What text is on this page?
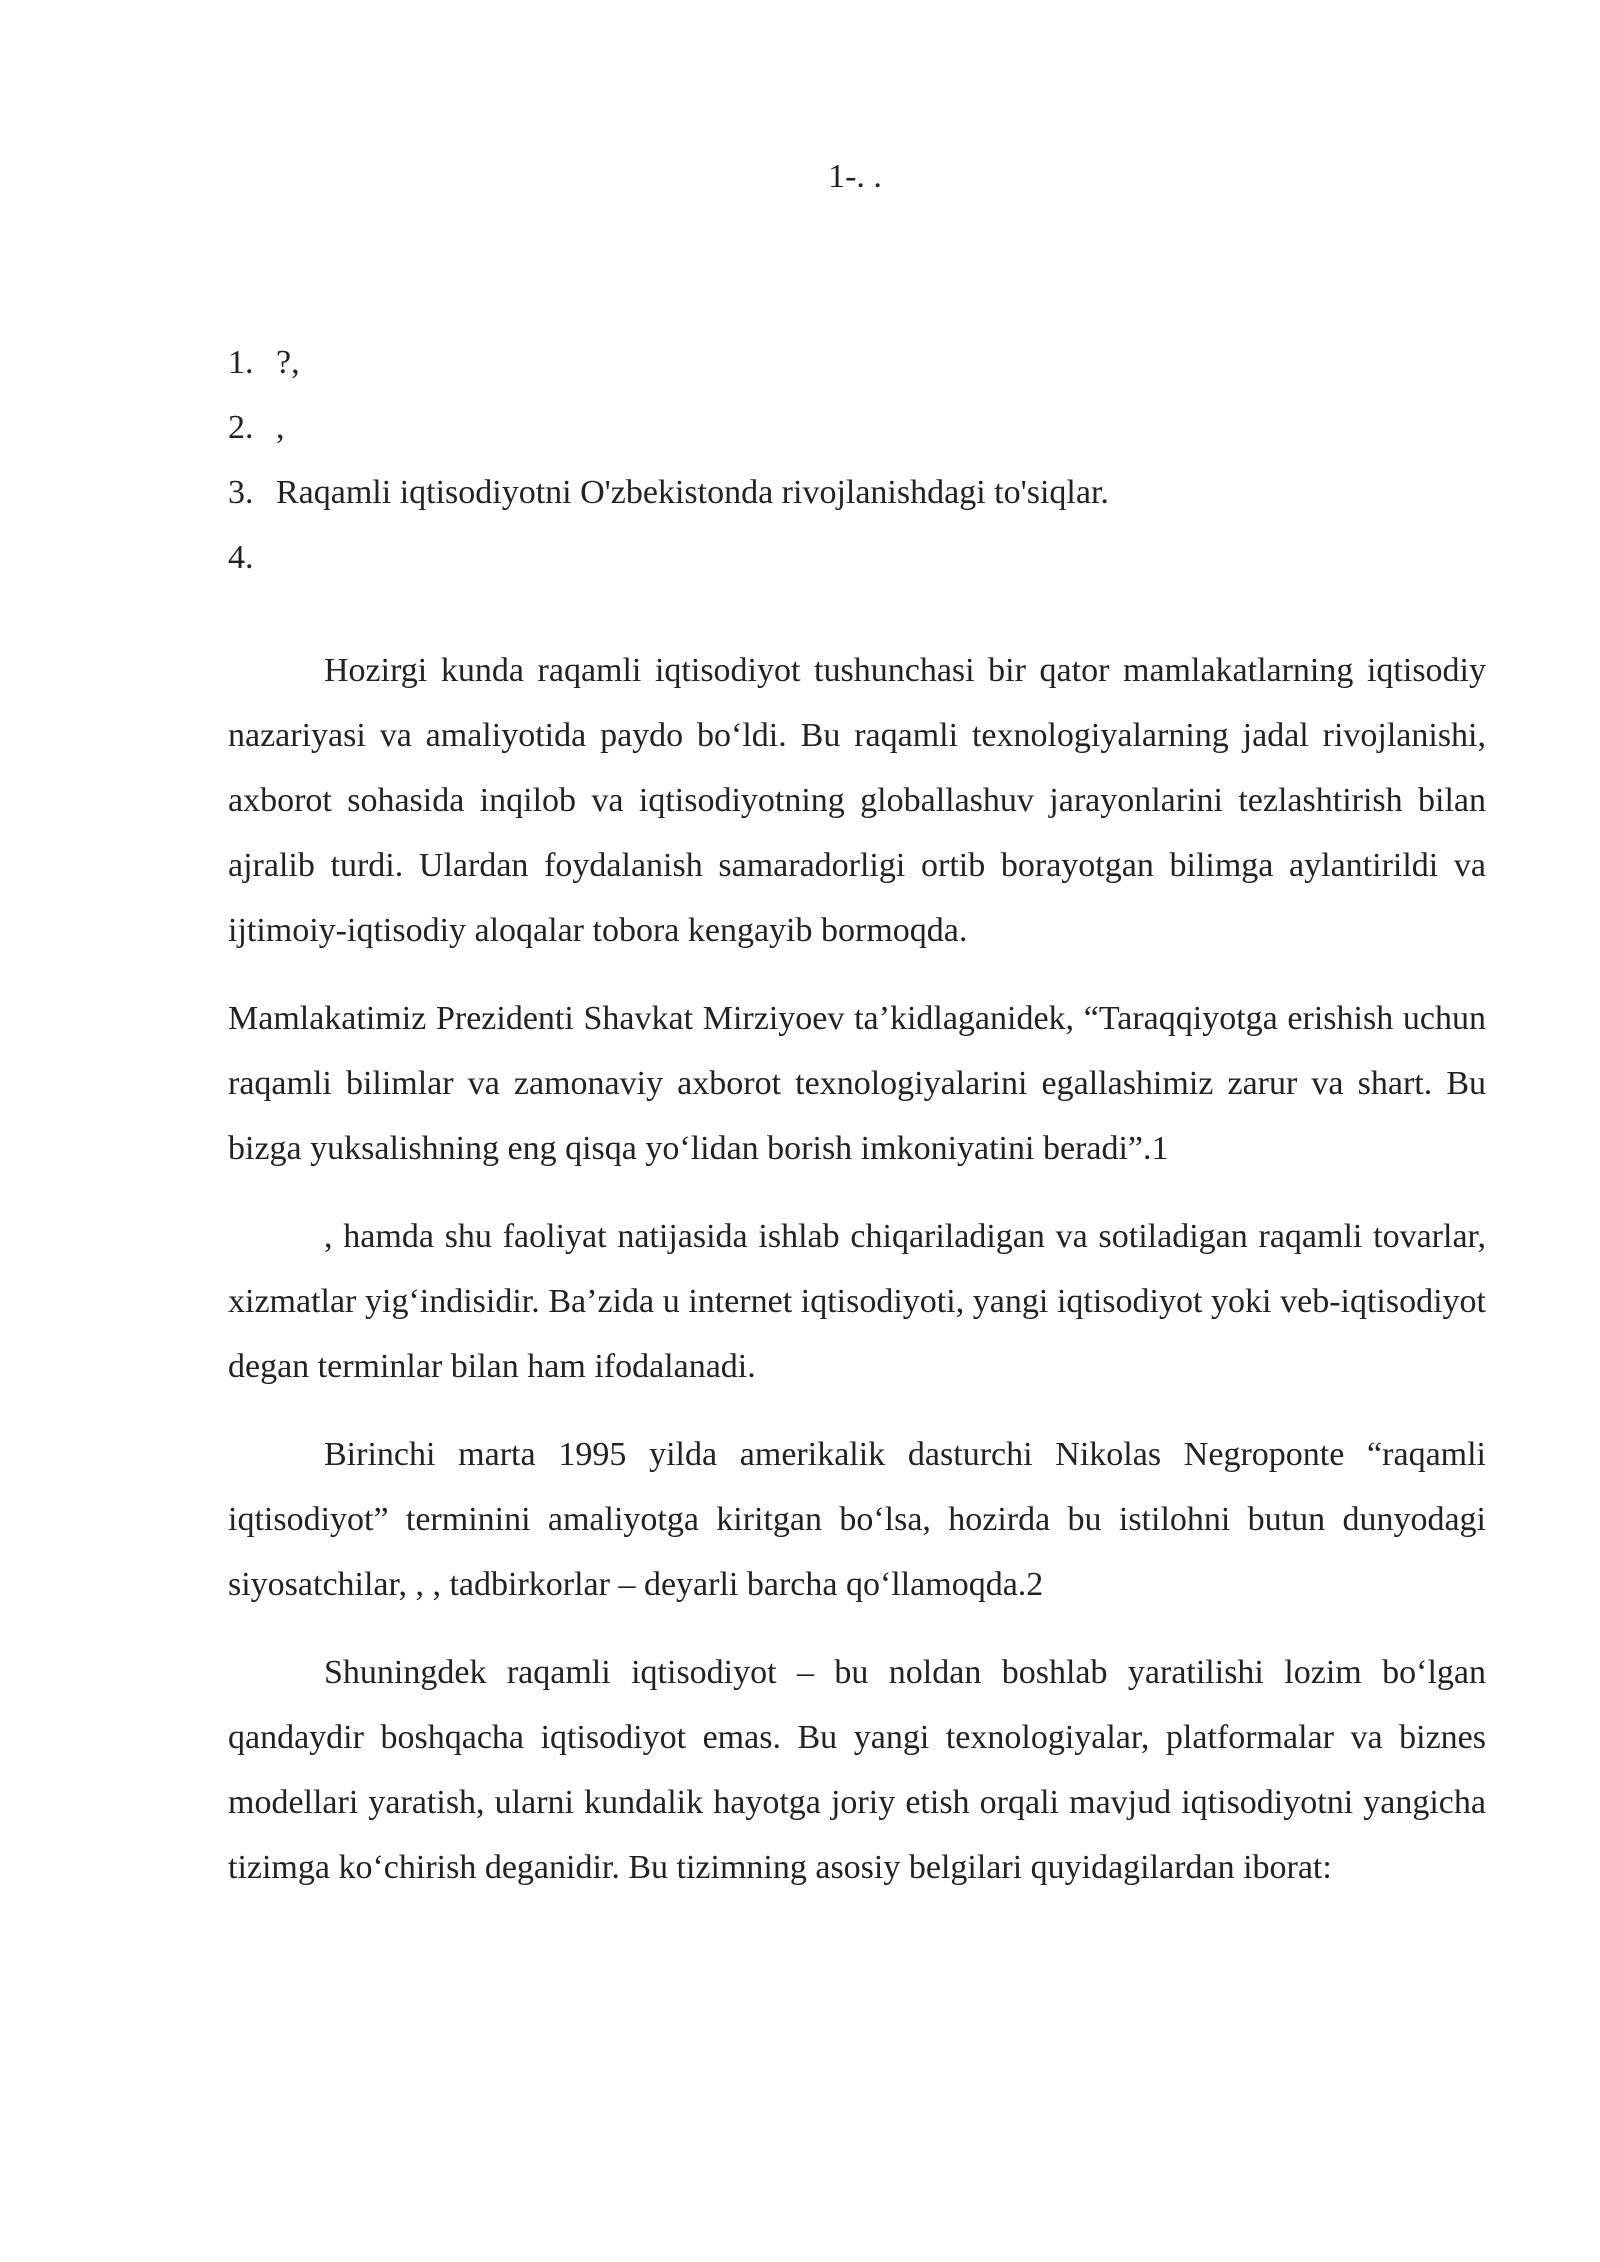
1-. .
1. ?,
2. ,
3. Raqamli iqtisodiyotni O'zbekistonda rivojlanishdagi to'siqlar.
4.

Hozirgi kunda raqamli iqtisodiyot tushunchasi bir qator mamlakatlarning iqtisodiy nazariyasi va amaliyotida paydo bo‘ldi. Bu raqamli texnologiyalarning jadal rivojlanishi, axborot sohasida inqilob va iqtisodiyotning globallashuv jarayonlarini tezlashtirish bilan ajralib turdi. Ulardan foydalanish samaradorligi ortib borayotgan bilimga aylantirildi va ijtimoiy-iqtisodiy aloqalar tobora kengayib bormoqda.

Mamlakatimiz Prezidenti Shavkat Mirziyoev ta’kidlaganidek, “Taraqqiyotga erishish uchun raqamli bilimlar va zamonaviy axborot texnologiyalarini egallashimiz zarur va shart. Bu bizga yuksalishning eng qisqa yo‘lidan borish imkoniyatini beradi”.1

, hamda shu faoliyat natijasida ishlab chiqariladigan va sotiladigan raqamli tovarlar, xizmatlar yig‘indisidir. Ba’zida u internet iqtisodiyoti, yangi iqtisodiyot yoki veb-iqtisodiyot degan terminlar bilan ham ifodalanadi.

Birinchi marta 1995 yilda amerikalik dasturchi Nikolas Negroponte “raqamli iqtisodiyot” terminini amaliyotga kiritgan bo‘lsa, hozirda bu istilohni butun dunyodagi siyosatchilar, , , tadbirkorlar – deyarli barcha qo‘llamoqda.2

Shuningdek raqamli iqtisodiyot – bu noldan boshlab yaratilishi lozim bo‘lgan qandaydir boshqacha iqtisodiyot emas. Bu yangi texnologiyalar, platformalar va biznes modellari yaratish, ularni kundalik hayotga joriy etish orqali mavjud iqtisodiyotni yangicha tizimga ko‘chirish deganidir. Bu tizimning asosiy belgilari quyidagilardan iborat:
